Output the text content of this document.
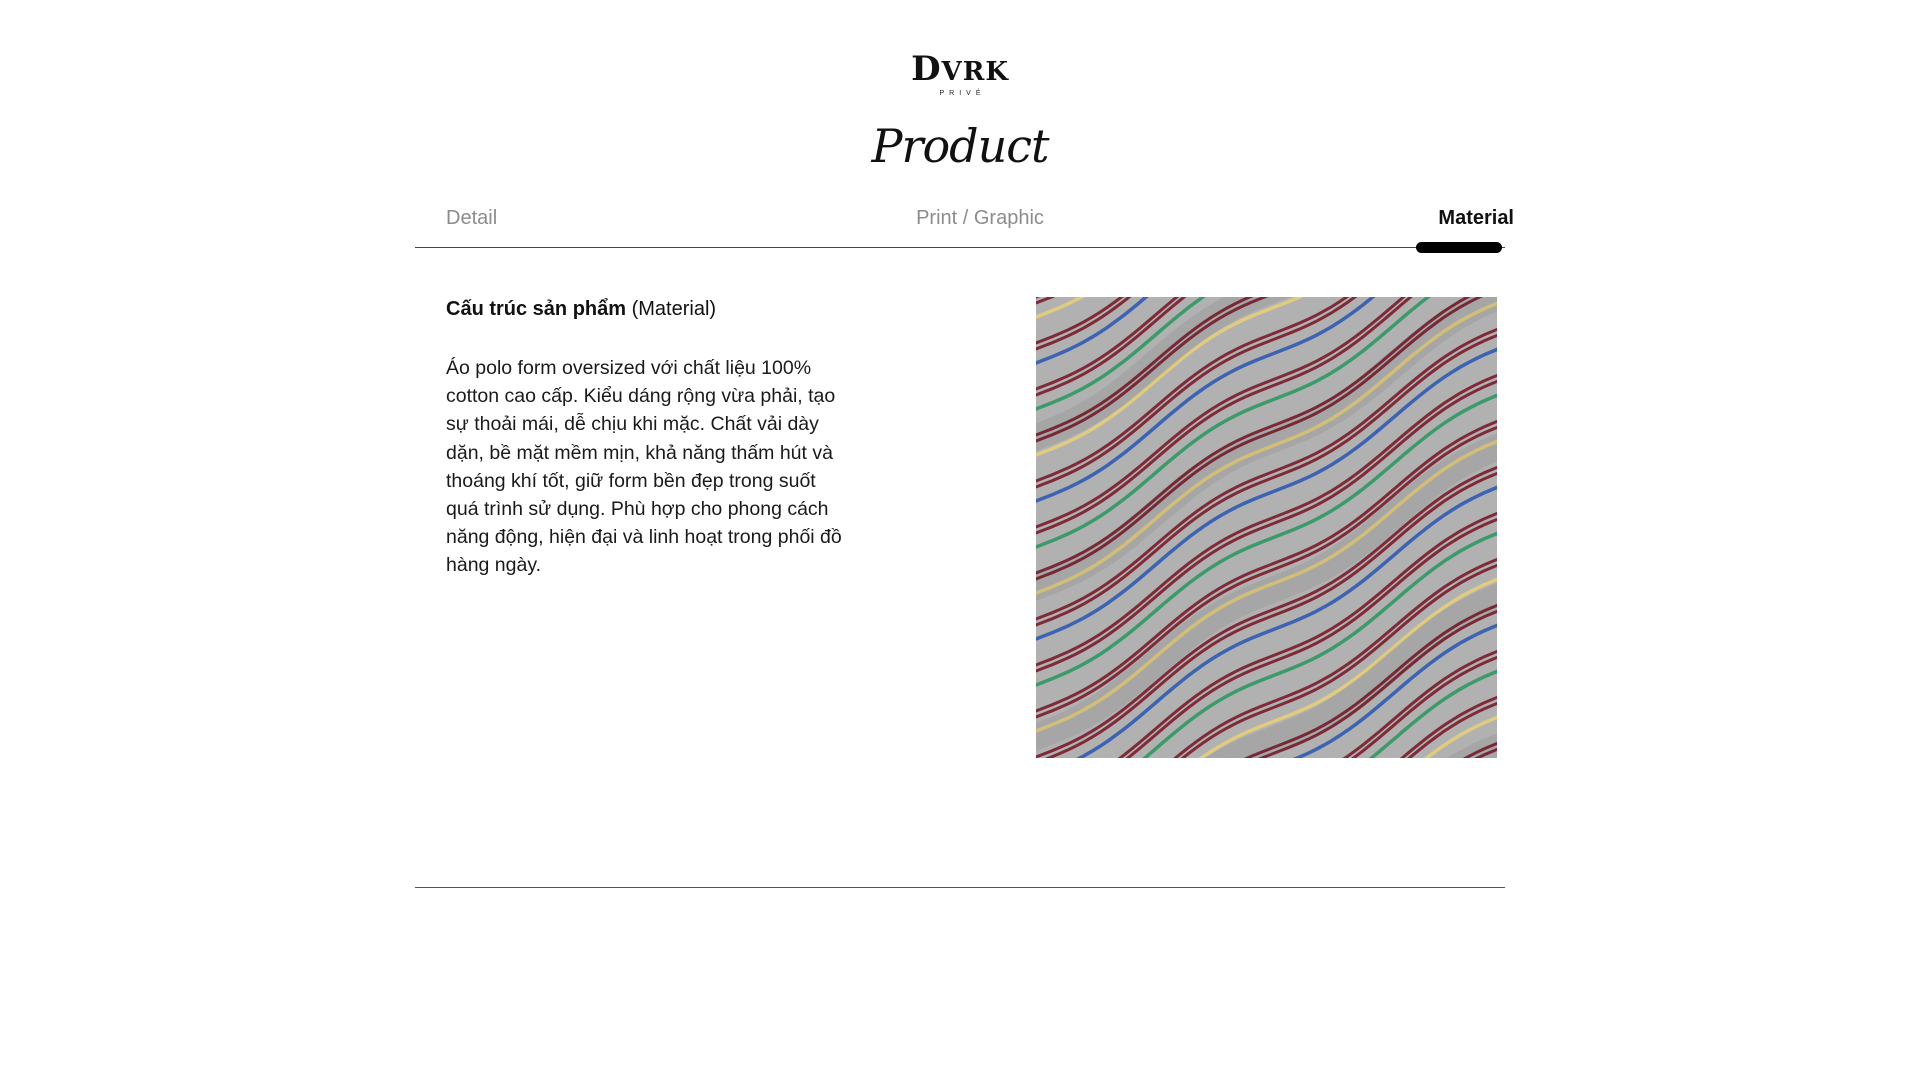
DVRK
PRIVÉ
Product
Detail	Print / Graphic	Material
Cấu trúc sản phẩm (Material)
Áo polo form oversized với chất liệu 100% cotton cao cấp. Kiểu dáng rộng vừa phải, tạo sự thoải mái, dễ chịu khi mặc. Chất vải dày dặn, bề mặt mềm mịn, khả năng thấm hút và thoáng khí tốt, giữ form bền đẹp trong suốt quá trình sử dụng. Phù hợp cho phong cách năng động, hiện đại và linh hoạt trong phối đồ hàng ngày.
